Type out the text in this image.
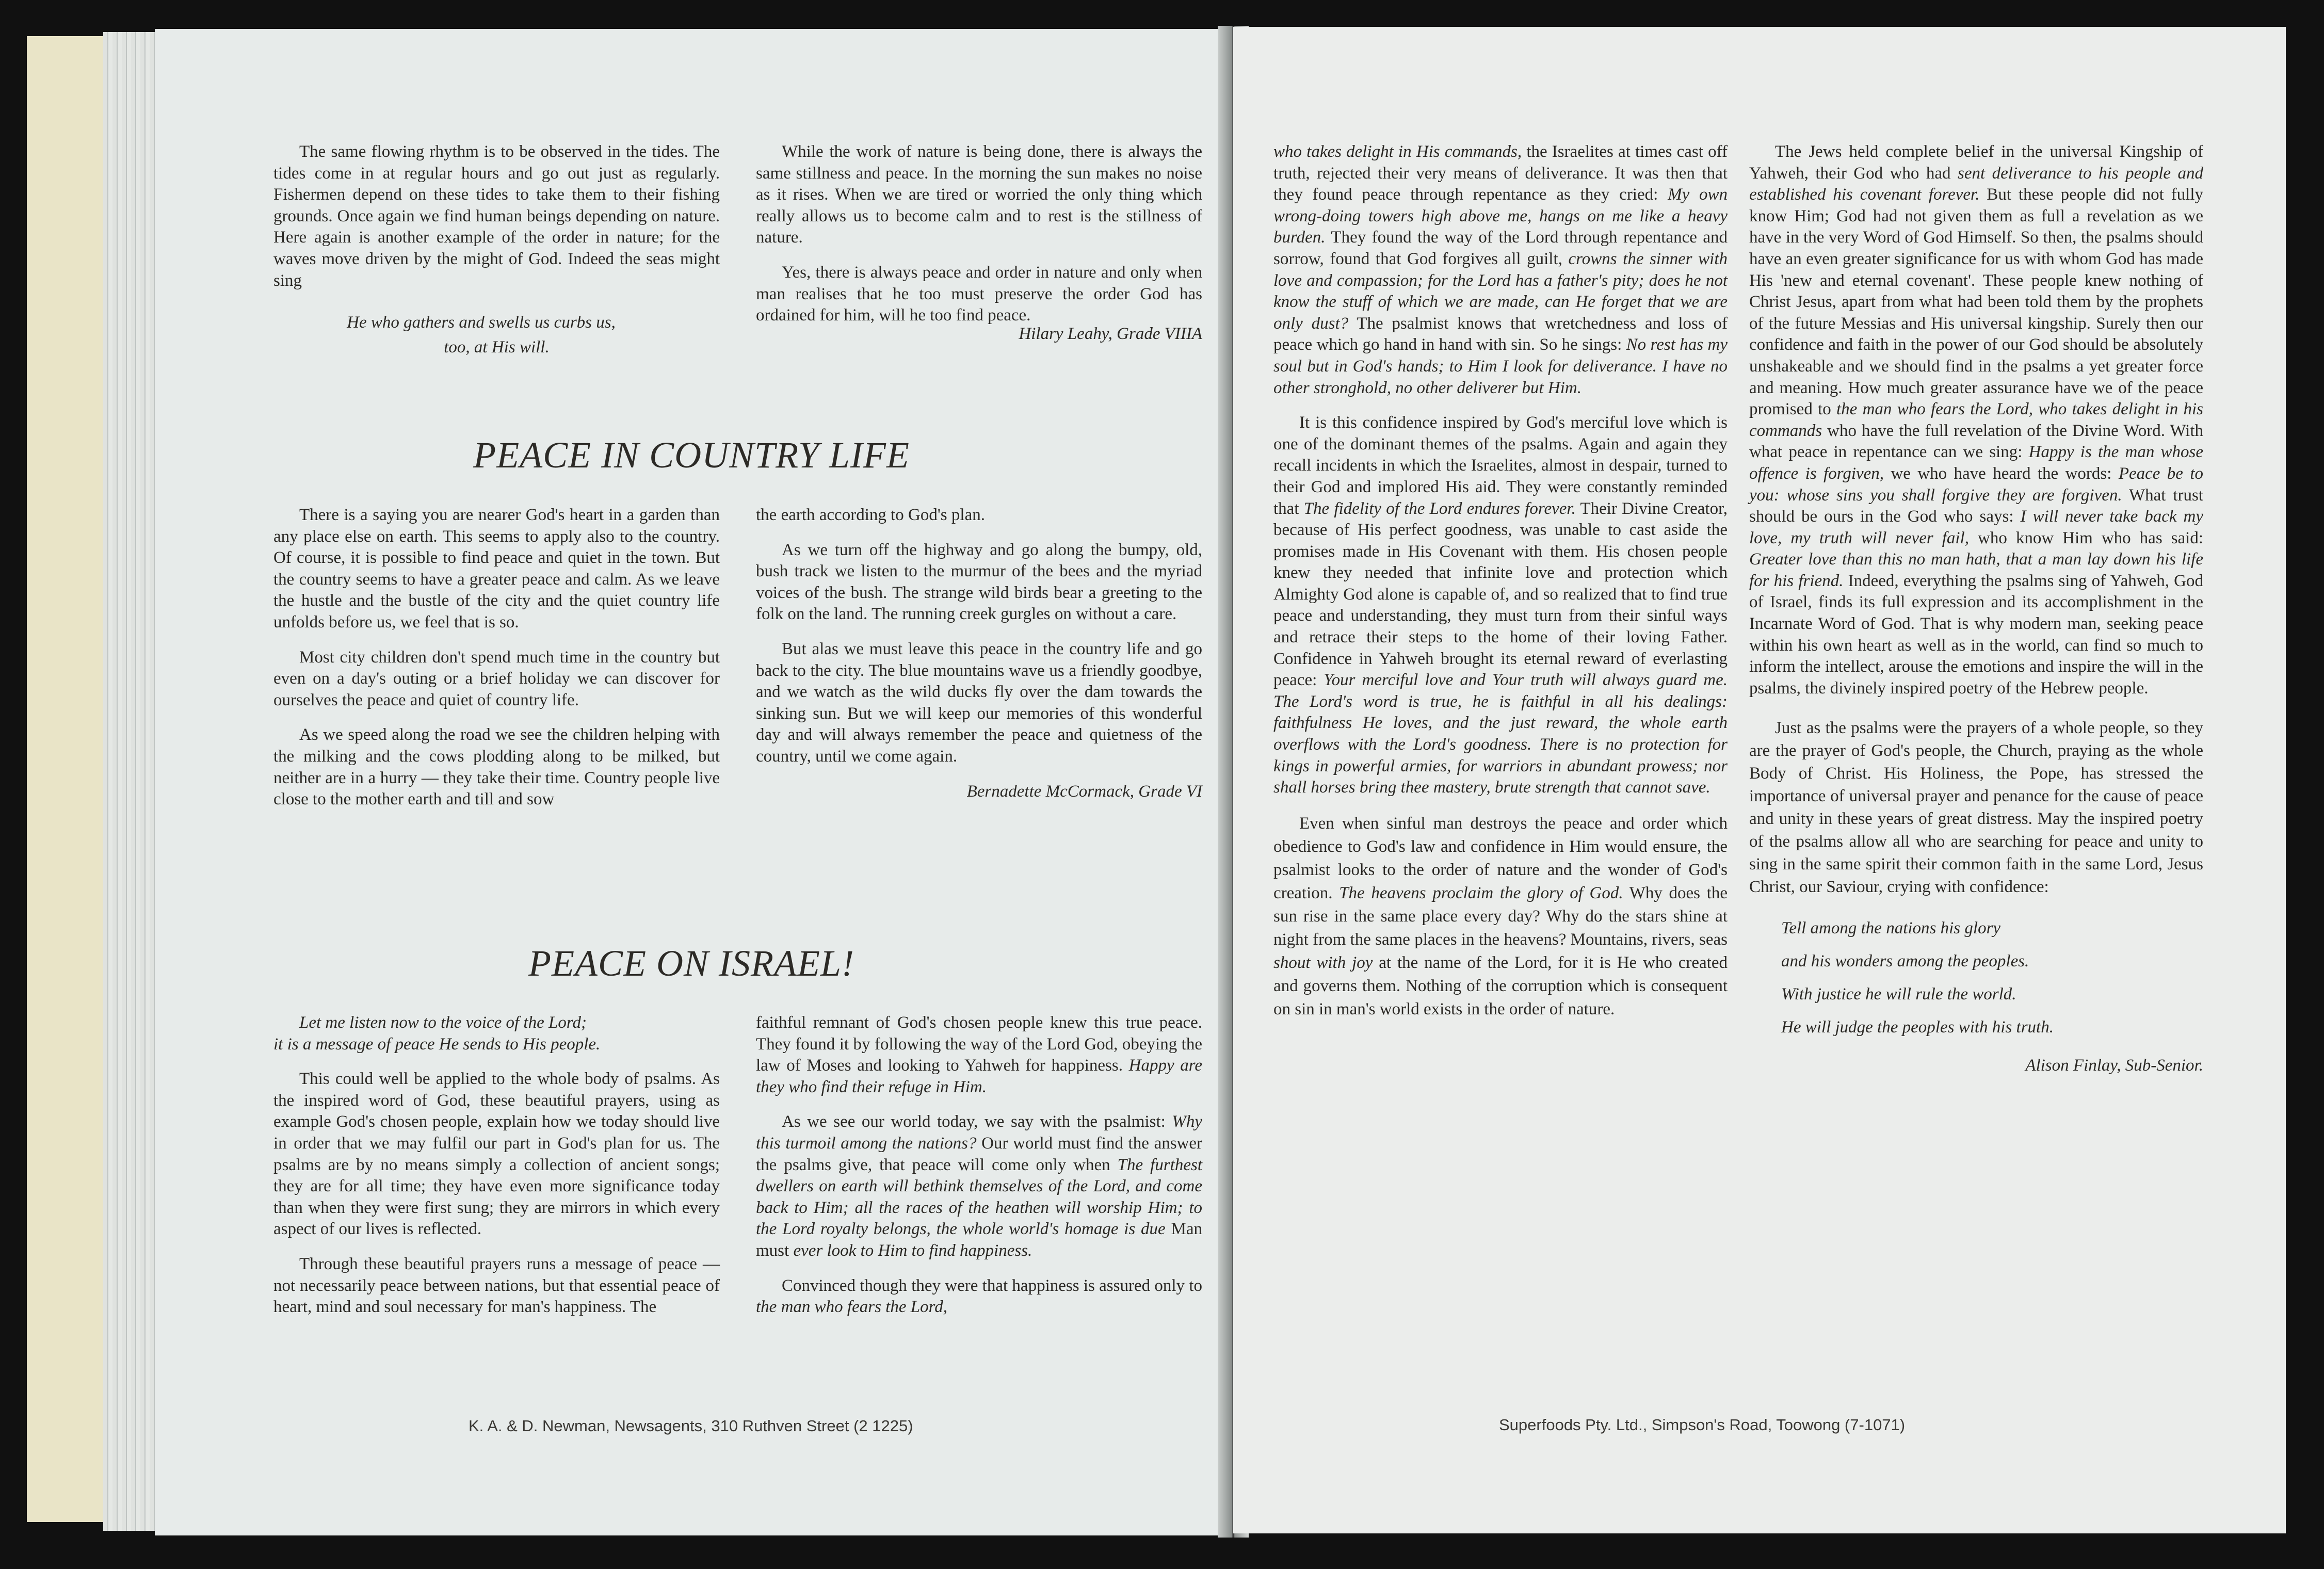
The same flowing rhythm is to be observed in the tides. The tides come in at regular hours and go out just as regularly. Fishermen depend on these tides to take them to their fishing grounds. Once again we find human beings depending on nature. Here again is another example of the order in nature; for the waves move driven by the might of God. Indeed the seas might sing

He who gathers and swells us curbs us,
too, at His will.

While the work of nature is being done, there is always the same stillness and peace. In the morning the sun makes no noise as it rises. When we are tired or worried the only thing which really allows us to become calm and to rest is the stillness of nature.

Yes, there is always peace and order in nature and only when man realises that he too must preserve the order God has ordained for him, will he too find peace.

Hilary Leahy, Grade VIIIA
PEACE IN COUNTRY LIFE

There is a saying you are nearer God's heart in a garden than any place else on earth. This seems to apply also to the country. Of course, it is possible to find peace and quiet in the town. But the country seems to have a greater peace and calm. As we leave the hustle and the bustle of the city and the quiet country life unfolds before us, we feel that is so.

Most city children don't spend much time in the country but even on a day's outing or a brief holiday we can discover for ourselves the peace and quiet of country life.

As we speed along the road we see the children helping with the milking and the cows plodding along to be milked, but neither are in a hurry — they take their time. Country people live close to the mother earth and till and sow

the earth according to God's plan.

As we turn off the highway and go along the bumpy, old, bush track we listen to the murmur of the bees and the myriad voices of the bush. The strange wild birds bear a greeting to the folk on the land. The running creek gurgles on without a care.

But alas we must leave this peace in the country life and go back to the city. The blue mountains wave us a friendly goodbye, and we watch as the wild ducks fly over the dam towards the sinking sun. But we will keep our memories of this wonderful day and will always remember the peace and quietness of the country, until we come again.

Bernadette McCormack, Grade VI
PEACE ON ISRAEL!
Let me listen now to the voice of the Lord;
it is a message of peace He sends to His people.

This could well be applied to the whole body of psalms. As the inspired word of God, these beautiful prayers, using as example God's chosen people, explain how we today should live in order that we may fulfil our part in God's plan for us. The psalms are by no means simply a collection of ancient songs; they are for all time; they have even more significance today than when they were first sung; they are mirrors in which every aspect of our lives is reflected.

Through these beautiful prayers runs a message of peace — not necessarily peace between nations, but that essential peace of heart, mind and soul necessary for man's happiness. The

faithful remnant of God's chosen people knew this true peace. They found it by following the way of the Lord God, obeying the law of Moses and looking to Yahweh for happiness. Happy are they who find their refuge in Him.

As we see our world today, we say with the psalmist: Why this turmoil among the nations? Our world must find the answer the psalms give, that peace will come only when The furthest dwellers on earth will bethink themselves of the Lord, and come back to Him; all the races of the heathen will worship Him; to the Lord royalty belongs, the whole world's homage is due Man must ever look to Him to find happiness.

Convinced though they were that happiness is assured only to the man who fears the Lord,

K. A. & D. Newman, Newsagents, 310 Ruthven Street (2 1225)

who takes delight in His commands, the Israelites at times cast off truth, rejected their very means of deliverance. It was then that they found peace through repentance as they cried: My own wrong-doing towers high above me, hangs on me like a heavy burden. They found the way of the Lord through repentance and sorrow, found that God forgives all guilt, crowns the sinner with love and compassion; for the Lord has a father's pity; does he not know the stuff of which we are made, can He forget that we are only dust? The psalmist knows that wretchedness and loss of peace which go hand in hand with sin. So he sings: No rest has my soul but in God's hands; to Him I look for deliverance. I have no other stronghold, no other deliverer but Him.

It is this confidence inspired by God's merciful love which is one of the dominant themes of the psalms. Again and again they recall incidents in which the Israelites, almost in despair, turned to their God and implored His aid. They were constantly reminded that The fidelity of the Lord endures forever. Their Divine Creator, because of His perfect goodness, was unable to cast aside the promises made in His Covenant with them. His chosen people knew they needed that infinite love and protection which Almighty God alone is capable of, and so realized that to find true peace and understanding, they must turn from their sinful ways and retrace their steps to the home of their loving Father. Confidence in Yahweh brought its eternal reward of everlasting peace: Your merciful love and Your truth will always guard me. The Lord's word is true, he is faithful in all his dealings: faithfulness He loves, and the just reward, the whole earth overflows with the Lord's goodness. There is no protection for kings in powerful armies, for warriors in abundant prowess; nor shall horses bring thee mastery, brute strength that cannot save.

Even when sinful man destroys the peace and order which obedience to God's law and confidence in Him would ensure, the psalmist looks to the order of nature and the wonder of God's creation. The heavens proclaim the glory of God. Why does the sun rise in the same place every day? Why do the stars shine at night from the same places in the heavens? Mountains, rivers, seas shout with joy at the name of the Lord, for it is He who created and governs them. Nothing of the corruption which is consequent on sin in man's world exists in the order of nature.

The Jews held complete belief in the universal Kingship of Yahweh, their God who had sent deliverance to his people and established his covenant forever. But these people did not fully know Him; God had not given them as full a revelation as we have in the very Word of God Himself. So then, the psalms should have an even greater significance for us with whom God has made His 'new and eternal covenant'. These people knew nothing of Christ Jesus, apart from what had been told them by the prophets of the future Messias and His universal kingship. Surely then our confidence and faith in the power of our God should be absolutely unshakeable and we should find in the psalms a yet greater force and meaning. How much greater assurance have we of the peace promised to the man who fears the Lord, who takes delight in his commands who have the full revelation of the Divine Word. With what peace in repentance can we sing: Happy is the man whose offence is forgiven, we who have heard the words: Peace be to you: whose sins you shall forgive they are forgiven. What trust should be ours in the God who says: I will never take back my love, my truth will never fail, who know Him who has said: Greater love than this no man hath, that a man lay down his life for his friend. Indeed, everything the psalms sing of Yahweh, God of Israel, finds its full expression and its accomplishment in the Incarnate Word of God. That is why modern man, seeking peace within his own heart as well as in the world, can find so much to inform the intellect, arouse the emotions and inspire the will in the psalms, the divinely inspired poetry of the Hebrew people.

Just as the psalms were the prayers of a whole people, so they are the prayer of God's people, the Church, praying as the whole Body of Christ. His Holiness, the Pope, has stressed the importance of universal prayer and penance for the cause of peace and unity in these years of great distress. May the inspired poetry of the psalms allow all who are searching for peace and unity to sing in the same spirit their common faith in the same Lord, Jesus Christ, our Saviour, crying with confidence:

Tell among the nations his glory
and his wonders among the peoples.
With justice he will rule the world.
He will judge the peoples with his truth.
Alison Finlay, Sub-Senior.
Superfoods Pty. Ltd., Simpson's Road, Toowong (7-1071)
